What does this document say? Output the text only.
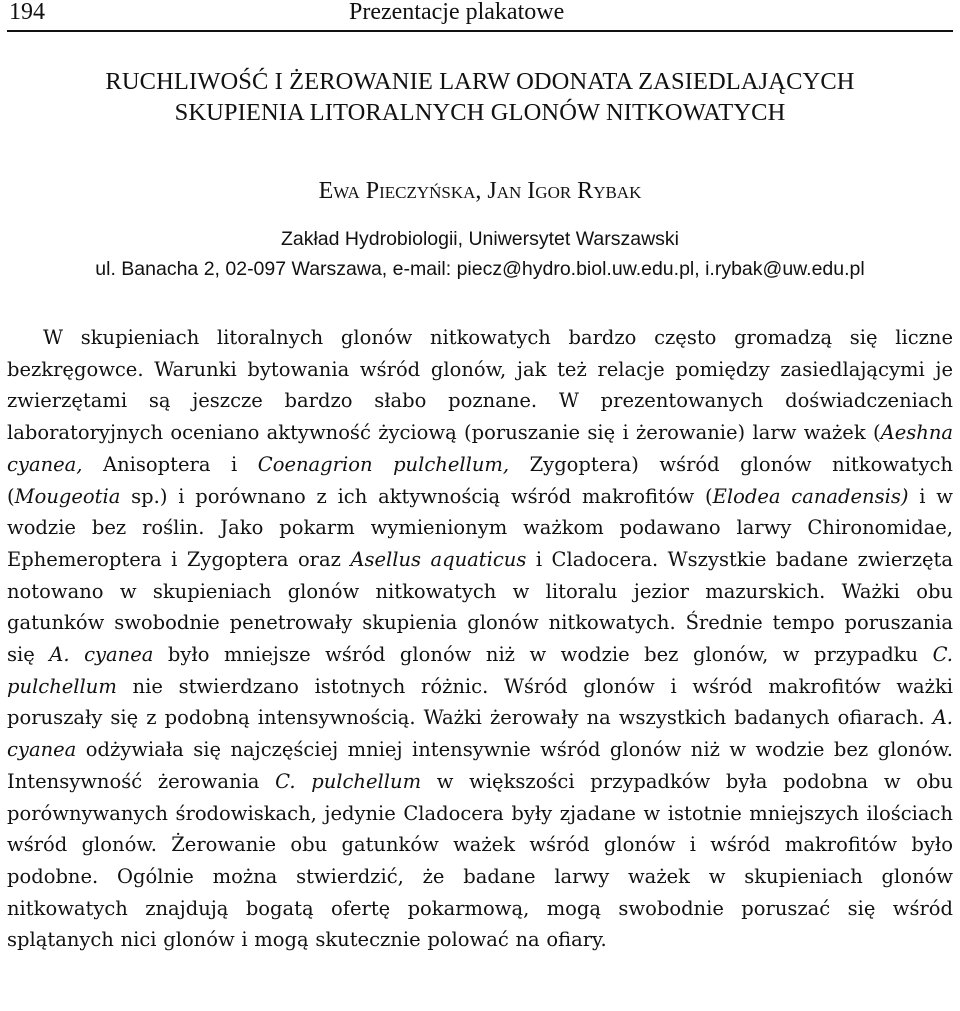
194	Prezentacje plakatowe
RUCHLIWOŚĆ I ŻEROWANIE LARW ODONATA ZASIEDLAJĄCYCH
SKUPIENIA LITORALNYCH GLONÓW NITKOWATYCH
Ewa Pieczyńska, Jan Igor Rybak
Zakład Hydrobiologii, Uniwersytet Warszawski
ul. Banacha 2, 02-097 Warszawa, e-mail: piecz@hydro.biol.uw.edu.pl, i.rybak@uw.edu.pl

W skupieniach litoralnych glonów nitkowatych bardzo często gromadzą się liczne bezkręgowce. Warunki bytowania wśród glonów, jak też relacje pomiędzy zasiedlającymi je zwierzętami są jeszcze bardzo słabo poznane. W prezentowanych doświadczeniach laboratoryjnych oceniano aktywność życiową (poruszanie się i żerowanie) larw ważek (Aeshna cyanea, Anisoptera i Coenagrion pulchellum, Zygoptera) wśród glonów nitkowatych (Mougeotia sp.) i porównano z ich aktywnością wśród makrofitów (Elodea canadensis) i w wodzie bez roślin. Jako pokarm wymienionym ważkom podawano larwy Chironomidae, Ephemeroptera i Zygoptera oraz Asellus aquaticus i Cladocera. Wszystkie badane zwierzęta notowano w skupieniach glonów nitkowatych w litoralu jezior mazurskich. Ważki obu gatunków swobodnie penetrowały skupienia glonów nitkowatych. Średnie tempo poruszania się A. cyanea było mniejsze wśród glonów niż w wodzie bez glonów, w przypadku C. pulchellum nie stwierdzano istotnych różnic. Wśród glonów i wśród makrofitów ważki poruszały się z podobną intensywnością. Ważki żerowały na wszystkich badanych ofiarach. A. cyanea odżywiała się najczęściej mniej intensywnie wśród glonów niż w wodzie bez glonów. Intensywność żerowania C. pulchellum w większości przypadków była podobna w obu porównywanych środowiskach, jedynie Cladocera były zjadane w istotnie mniejszych ilościach wśród glonów. Żerowanie obu gatunków ważek wśród glonów i wśród makrofitów było podobne. Ogólnie można stwierdzić, że badane larwy ważek w skupieniach glonów nitkowatych znajdują bogatą ofertę pokarmową, mogą swobodnie poruszać się wśród splątanych nici glonów i mogą skutecznie polować na ofiary.
